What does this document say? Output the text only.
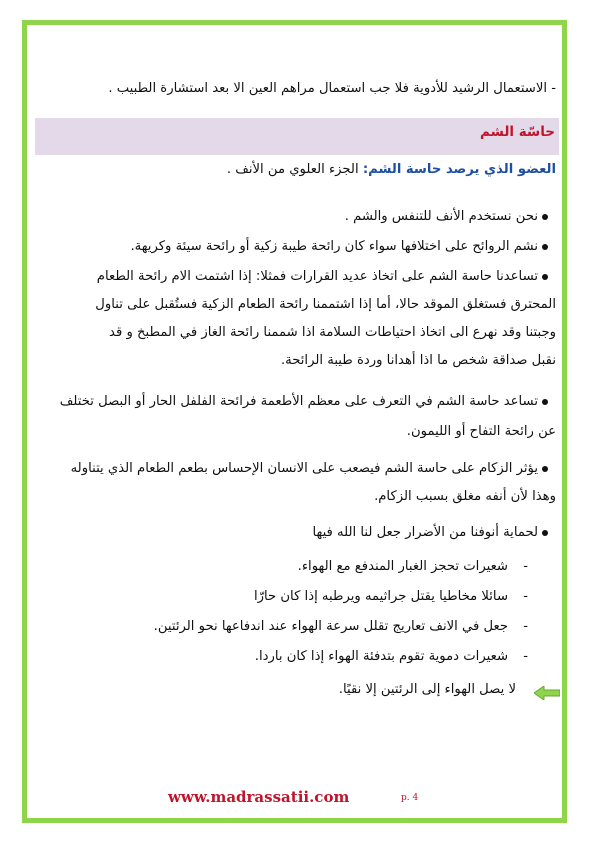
- الاستعمال الرشيد للأدوية فلا جب استعمال مراهم العين الا بعد استشارة الطبيب .
حاسّة الشم
العضو الذي يرصد حاسة الشم: الجزء العلوي من الأنف .
نحن نستخدم الأنف للتنفس والشم .
نشم الروائح على اختلافها سواء كان رائحة طيبة زكية أو رائحة سيئة وكريهة.
تساعدنا حاسة الشم على اتخاذ عديد القرارات فمثلا: إذا اشتمت الام رائحة الطعام
المحترق فستغلق الموقد حالا، أما إذا اشتممنا رائحة الطعام الزكية فستُقبل على تناول
وجبتنا وقد نهرع الى اتخاذ احتياطات السلامة اذا شممنا رائحة الغاز في المطبخ و قد
نقبل صداقة شخص ما اذا أهدانا وردة طيبة الرائحة.
تساعد حاسة الشم في التعرف على معظم الأطعمة فرائحة الفلفل الحار أو البصل تختلف
عن رائحة التفاح أو الليمون.
يؤثر الزكام على حاسة الشم فيصعب على الانسان الإحساس بطعم الطعام الذي يتناوله
وهذا لأن أنفه مغلق بسبب الزكام.
لحماية أنوفنا من الأضرار جعل لنا الله فيها
-
شعيرات تحجز الغبار المندفع مع الهواء.
-
سائلا مخاطيا يقتل جراثيمه ويرطبه إذا كان حارّا
-
جعل في الانف تعاريج تقلل سرعة الهواء عند اندفاعها نحو الرئتين.
-
شعيرات دموية تقوم بتدفئة الهواء إذا كان باردا.
لا يصل الهواء إلى الرئتين إلا نقيًا.
www.madrassatii.com	p. 4
